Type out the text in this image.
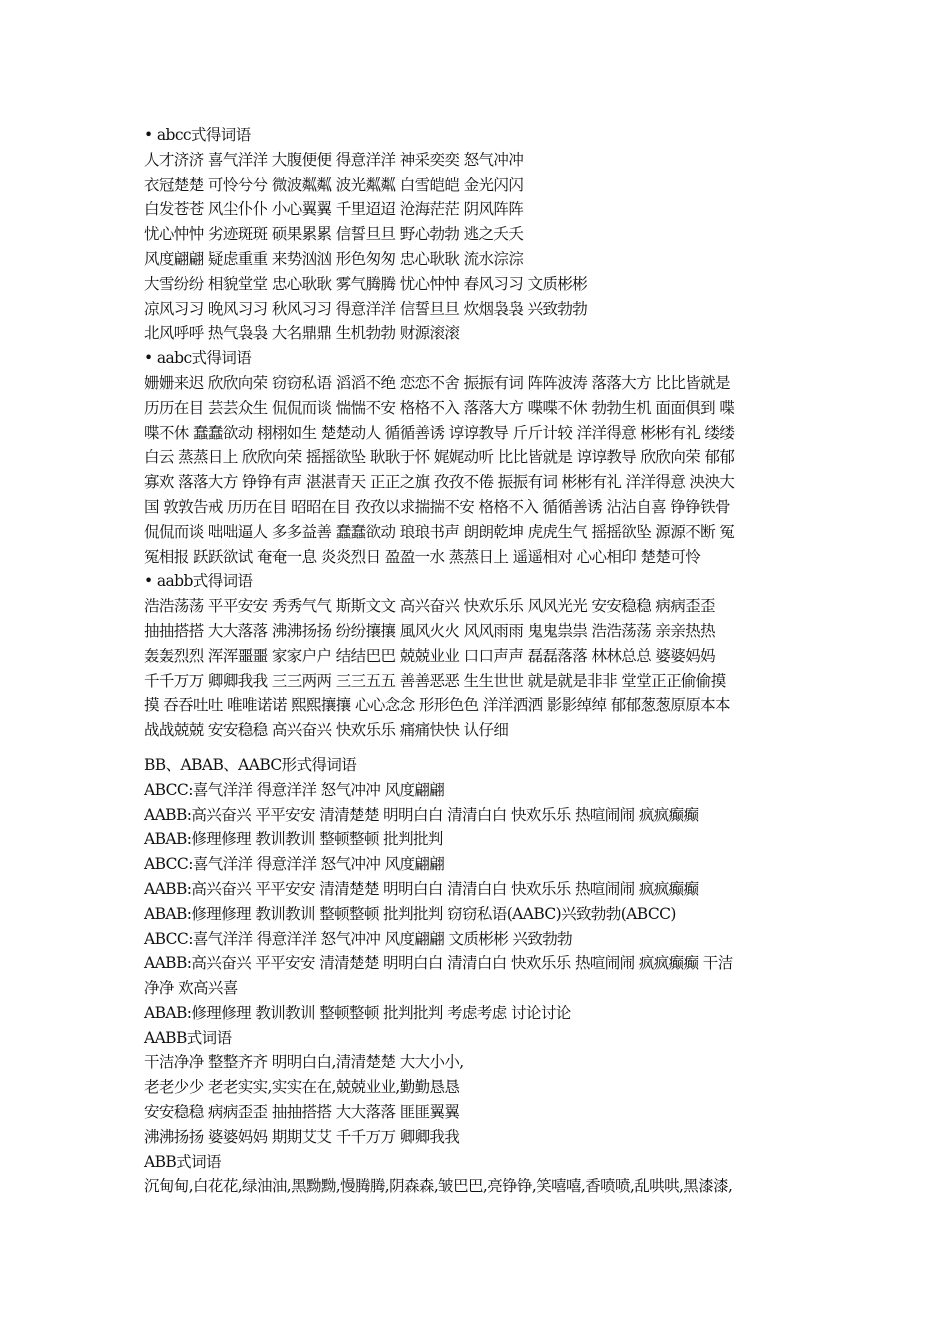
• abcc式得词语
人才济济 喜气洋洋 大腹便便 得意洋洋 神采奕奕 怒气冲冲
衣冠楚楚 可怜兮兮 微波粼粼 波光粼粼 白雪皑皑 金光闪闪
白发苍苍 风尘仆仆 小心翼翼 千里迢迢 沧海茫茫 阴风阵阵
忧心忡忡 劣迹斑斑 硕果累累 信誓旦旦 野心勃勃 逃之夭夭
风度翩翩 疑虑重重 来势汹汹 形色匆匆 忠心耿耿 流水淙淙
大雪纷纷 相貌堂堂 忠心耿耿 雾气腾腾 忧心忡忡 春风习习 文质彬彬
凉风习习 晚风习习 秋风习习 得意洋洋 信誓旦旦 炊烟袅袅 兴致勃勃
北风呼呼 热气袅袅 大名鼎鼎 生机勃勃 财源滚滚
• aabc式得词语
姗姗来迟 欣欣向荣 窃窃私语 滔滔不绝 恋恋不舍 振振有词 阵阵波涛 落落大方 比比皆就是
历历在目 芸芸众生 侃侃而谈 惴惴不安 格格不入 落落大方 喋喋不休 勃勃生机 面面俱到 喋
喋不休 蠢蠢欲动 栩栩如生 楚楚动人 循循善诱 谆谆教导 斤斤计较 洋洋得意 彬彬有礼 缕缕
白云 蒸蒸日上 欣欣向荣 摇摇欲坠 耿耿于怀 娓娓动听 比比皆就是 谆谆教导 欣欣向荣 郁郁
寡欢 落落大方 铮铮有声 湛湛青天 正正之旗 孜孜不倦 振振有词 彬彬有礼 洋洋得意 泱泱大
国 敦敦告戒 历历在目 昭昭在目 孜孜以求揣揣不安 格格不入 循循善诱 沾沾自喜 铮铮铁骨
侃侃而谈 咄咄逼人 多多益善 蠢蠢欲动 琅琅书声 朗朗乾坤 虎虎生气 摇摇欲坠 源源不断 冤
冤相报 跃跃欲试 奄奄一息 炎炎烈日 盈盈一水 蒸蒸日上 遥遥相对 心心相印 楚楚可怜
• aabb式得词语
浩浩荡荡 平平安安 秀秀气气 斯斯文文 高兴奋兴 快欢乐乐 风风光光 安安稳稳 病病歪歪
抽抽搭搭 大大落落 沸沸扬扬 纷纷攘攘 風风火火 风风雨雨 鬼鬼祟祟 浩浩荡荡 亲亲热热
轰轰烈烈 浑浑噩噩 家家户户 结结巴巴 兢兢业业 口口声声 磊磊落落 林林总总 婆婆妈妈
千千万万 卿卿我我 三三两两 三三五五 善善恶恶 生生世世 就是就是非非 堂堂正正偷偷摸
摸 吞吞吐吐 唯唯诺诺 熙熙攘攘 心心念念 形形色色 洋洋洒洒 影影绰绰 郁郁葱葱原原本本
战战兢兢 安安稳稳 高兴奋兴 快欢乐乐 痛痛快快 认仔细
BB、ABAB、AABC形式得词语
ABCC:喜气洋洋 得意洋洋 怒气冲冲 风度翩翩
AABB:高兴奋兴 平平安安 清清楚楚 明明白白 清清白白 快欢乐乐 热喧闹闹 疯疯癫癫
ABAB:修理修理 教训教训 整顿整顿 批判批判
ABCC:喜气洋洋 得意洋洋 怒气冲冲 风度翩翩
AABB:高兴奋兴 平平安安 清清楚楚 明明白白 清清白白 快欢乐乐 热喧闹闹 疯疯癫癫
ABAB:修理修理 教训教训 整顿整顿 批判批判 窃窃私语(AABC)兴致勃勃(ABCC)
ABCC:喜气洋洋 得意洋洋 怒气冲冲 风度翩翩 文质彬彬 兴致勃勃
AABB:高兴奋兴 平平安安 清清楚楚 明明白白 清清白白 快欢乐乐 热喧闹闹 疯疯癫癫 干洁
净净 欢高兴喜
ABAB:修理修理 教训教训 整顿整顿 批判批判 考虑考虑 讨论讨论
AABB式词语
干洁净净 整整齐齐 明明白白,清清楚楚 大大小小,
老老少少 老老实实,实实在在,兢兢业业,勤勤恳恳
安安稳稳 病病歪歪 抽抽搭搭 大大落落 匪匪翼翼
沸沸扬扬 婆婆妈妈 期期艾艾 千千万万 卿卿我我
ABB式词语
沉甸甸,白花花,绿油油,黑黝黝,慢腾腾,阴森森,皱巴巴,亮铮铮,笑嘻嘻,香喷喷,乱哄哄,黑漆漆,
